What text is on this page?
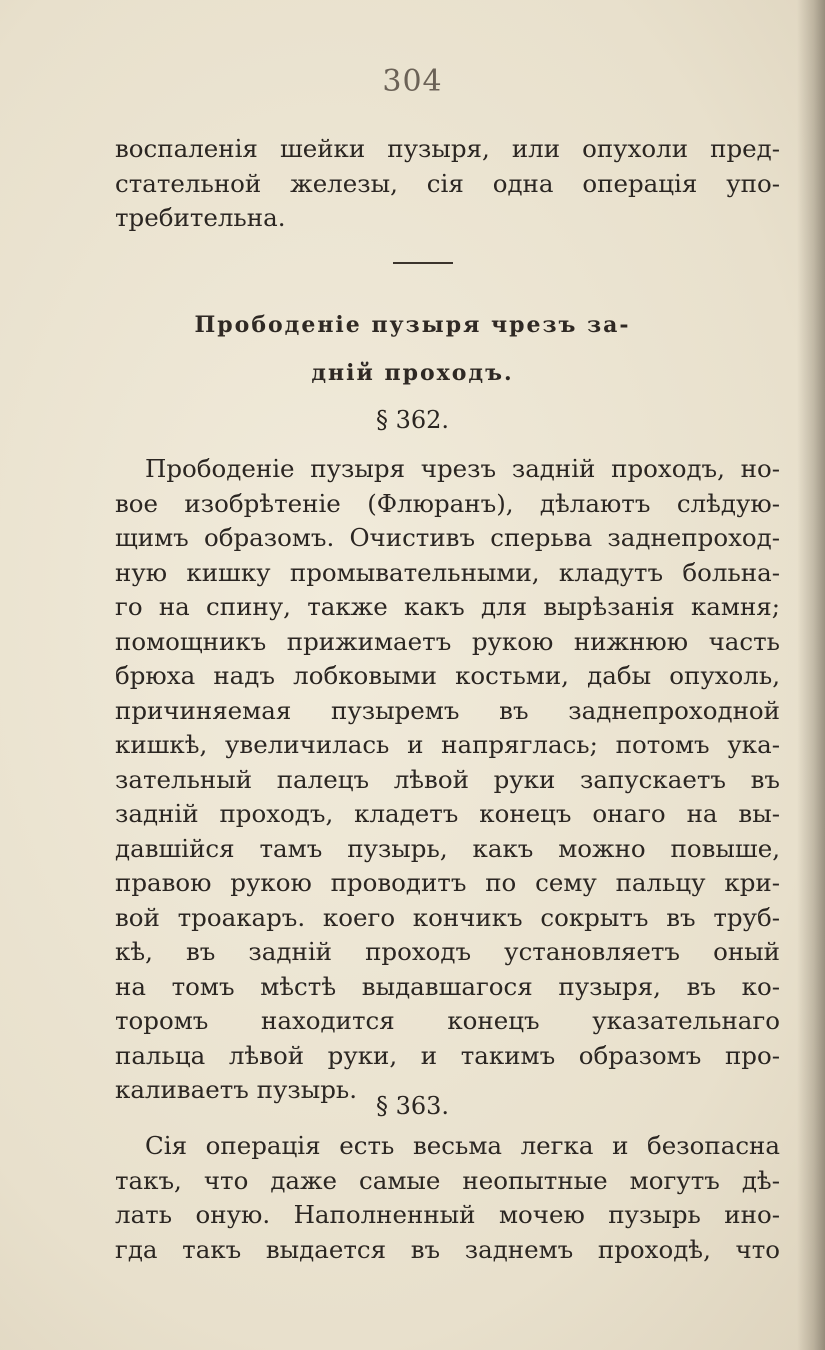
304
воспаленія шейки пузыря, или опухоли пред-
стательной железы, сія одна операція упо-
требительна.
Прободеніе пузыря чрезъ за-
дній проходъ.
§ 362.
Прободеніе пузыря чрезъ задній проходъ, но-
вое изобрѣтеніе (Флюранъ), дѣлаютъ слѣдую-
щимъ образомъ. Очистивъ сперьва заднепроход-
ную кишку промывательными, кладутъ больна-
го на спину, также какъ для вырѣзанія камня;
помощникъ прижимаетъ рукою нижнюю часть
брюха надъ лобковыми костьми, дабы опухоль,
причиняемая пузыремъ въ заднепроходной
кишкѣ, увеличилась и напряглась; потомъ ука-
зательный палецъ лѣвой руки запускаетъ въ
задній проходъ, кладетъ конецъ онаго на вы-
давшійся тамъ пузырь, какъ можно повыше,
правою рукою проводитъ по сему пальцу кри-
вой троакаръ. коего кончикъ сокрытъ въ труб-
кѣ, въ задній проходъ установляетъ оный
на томъ мѣстѣ выдавшагося пузыря, въ ко-
торомъ находится конецъ указательнаго
пальца лѣвой руки, и такимъ образомъ про-
каливаетъ пузырь.
§ 363.
Сія операція есть весьма легка и безопасна
такъ, что даже самые неопытные могутъ дѣ-
лать оную. Наполненный мочею пузырь ино-
гда такъ выдается въ заднемъ проходѣ, что
